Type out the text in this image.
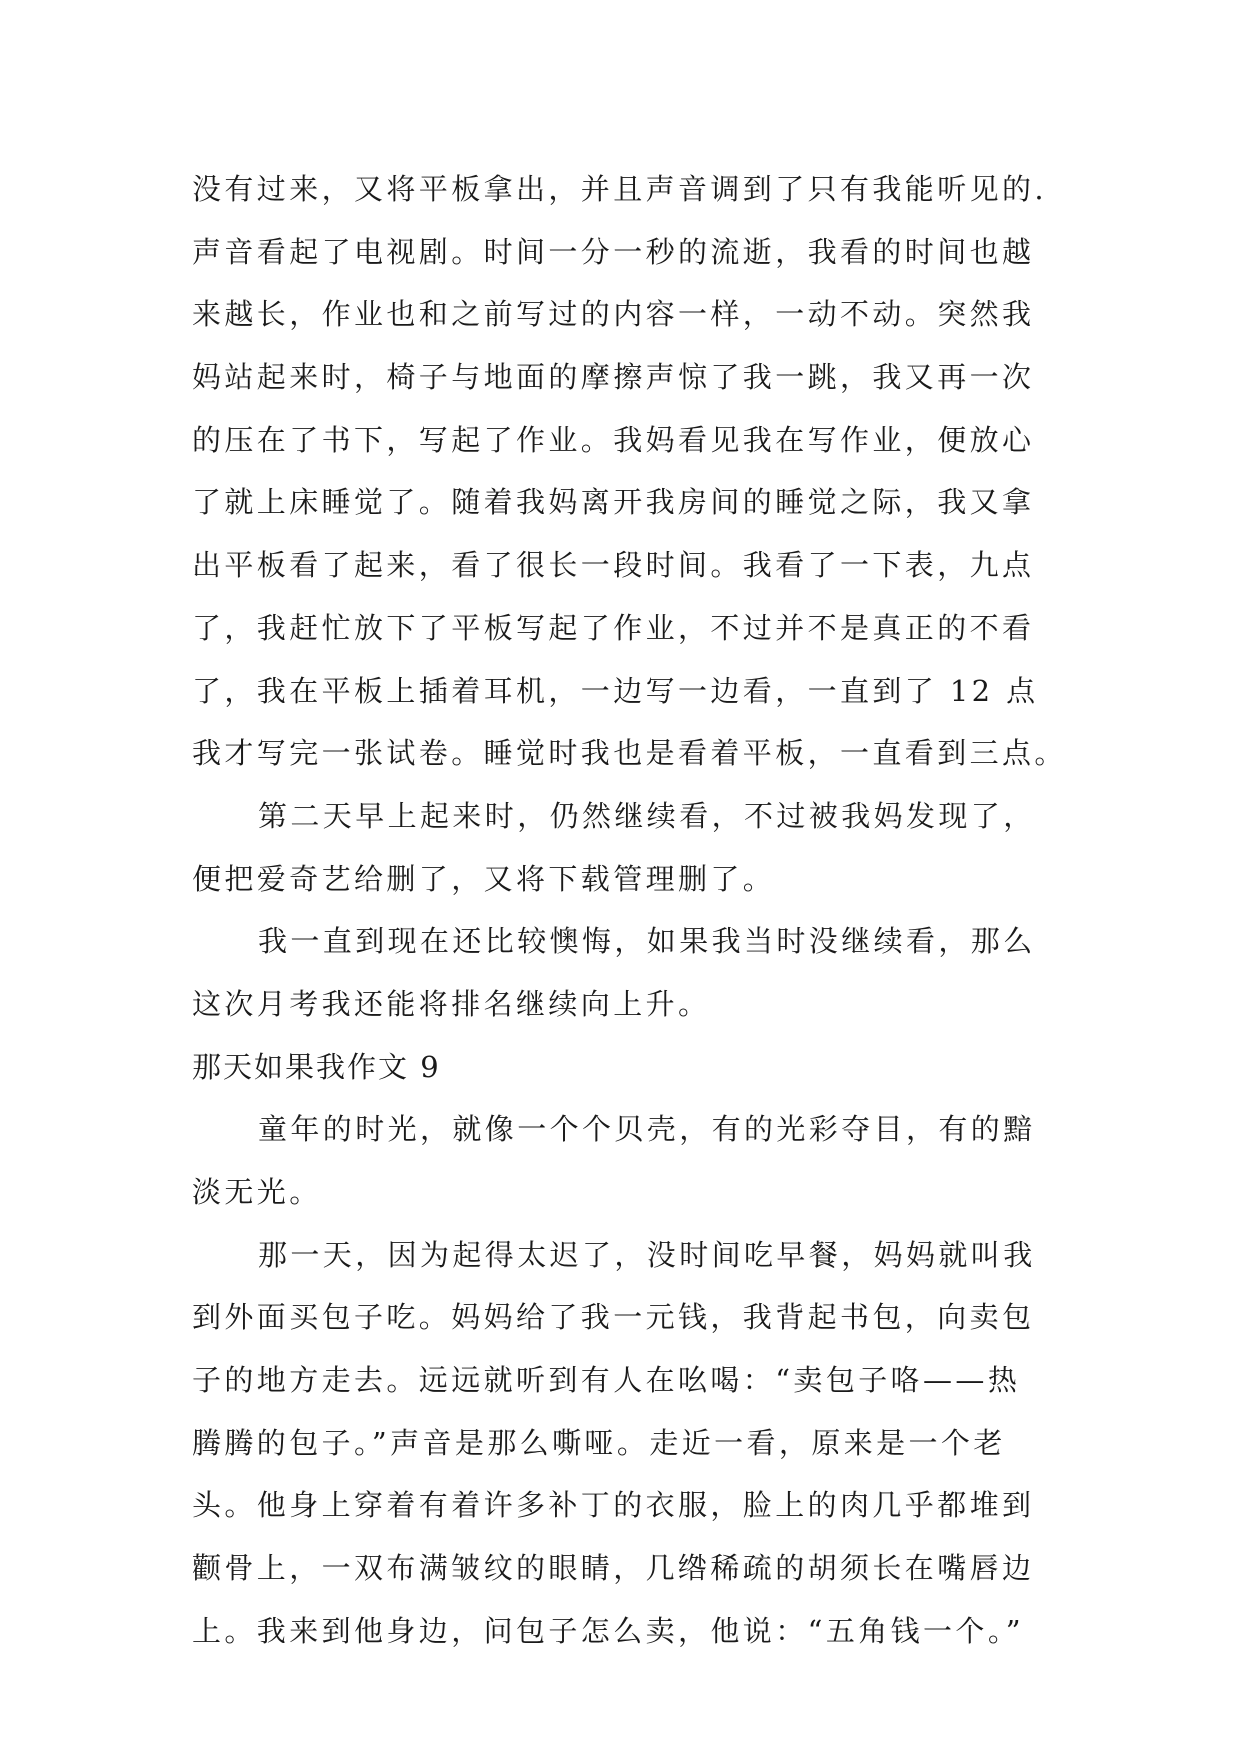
没有过来，又将平板拿出，并且声音调到了只有我能听见的.
声音看起了电视剧。时间一分一秒的流逝，我看的时间也越
来越长，作业也和之前写过的内容一样，一动不动。突然我
妈站起来时，椅子与地面的摩擦声惊了我一跳，我又再一次
的压在了书下，写起了作业。我妈看见我在写作业，便放心
了就上床睡觉了。随着我妈离开我房间的睡觉之际，我又拿
出平板看了起来，看了很长一段时间。我看了一下表，九点
了，我赶忙放下了平板写起了作业，不过并不是真正的不看
了，我在平板上插着耳机，一边写一边看，一直到了 12 点
我才写完一张试卷。睡觉时我也是看着平板，一直看到三点。
第二天早上起来时，仍然继续看，不过被我妈发现了，
便把爱奇艺给删了，又将下载管理删了。
我一直到现在还比较懊悔，如果我当时没继续看，那么
这次月考我还能将排名继续向上升。
那天如果我作文 9
童年的时光，就像一个个贝壳，有的光彩夺目，有的黯
淡无光。
那一天，因为起得太迟了，没时间吃早餐，妈妈就叫我
到外面买包子吃。妈妈给了我一元钱，我背起书包，向卖包
子的地方走去。远远就听到有人在吆喝：“卖包子咯——热
腾腾的包子。”声音是那么嘶哑。走近一看，原来是一个老
头。他身上穿着有着许多补丁的衣服，脸上的肉几乎都堆到
颧骨上，一双布满皱纹的眼睛，几绺稀疏的胡须长在嘴唇边
上。我来到他身边，问包子怎么卖，他说：“五角钱一个。”
